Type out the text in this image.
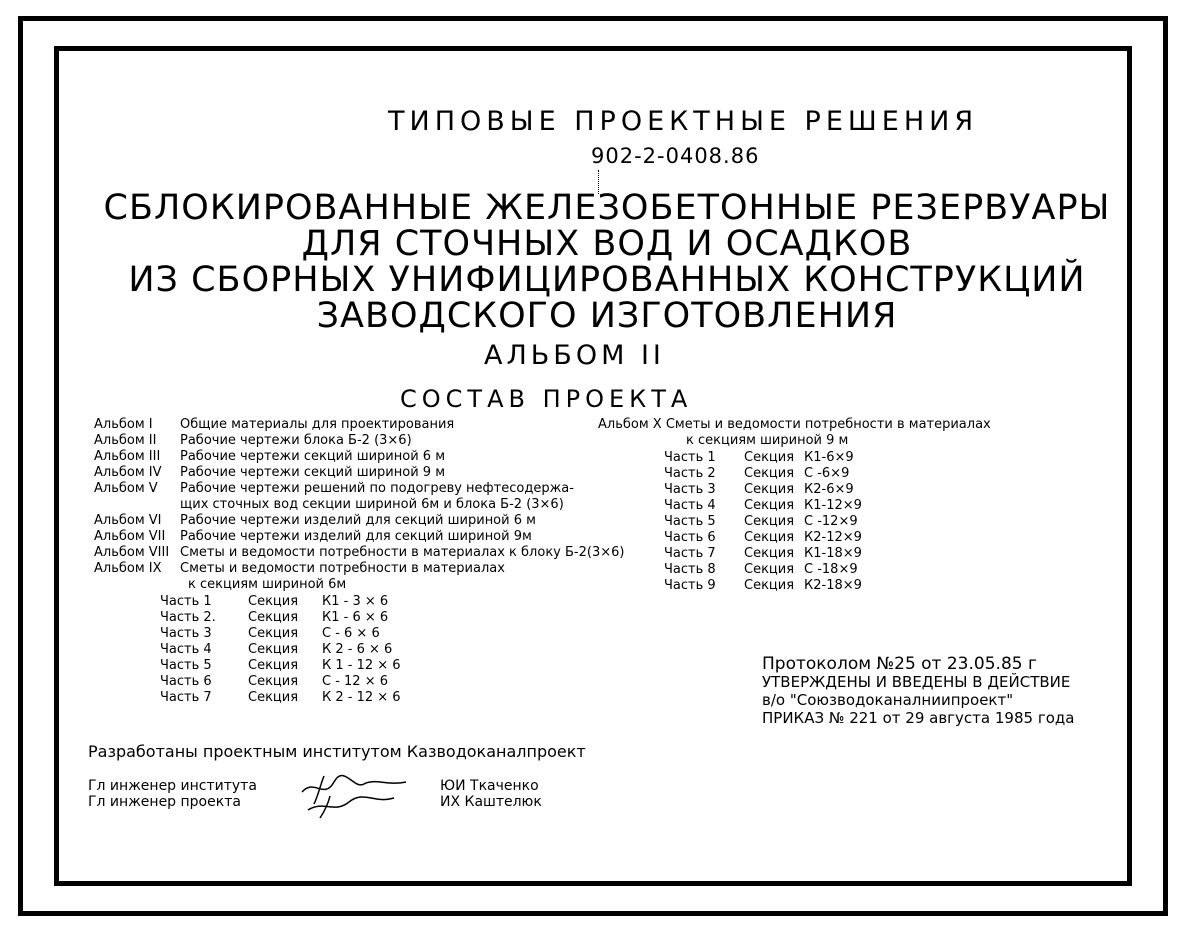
ТИПОВЫЕ ПРОЕКТНЫЕ РЕШЕНИЯ
902-2-0408.86
СБЛОКИРОВАННЫЕ ЖЕЛЕЗОБЕТОННЫЕ РЕЗЕРВУАРЫ
ДЛЯ СТОЧНЫХ ВОД И ОСАДКОВ
ИЗ СБОРНЫХ УНИФИЦИРОВАННЫХ КОНСТРУКЦИЙ
ЗАВОДСКОГО ИЗГОТОВЛЕНИЯ
АЛЬБОМ II
СОСТАВ ПРОЕКТА
Альбом I	Общие материалы для проектирования
Альбом II	Рабочие чертежи блока Б-2 (3×6)
Альбом III	Рабочие чертежи секций шириной 6 м
Альбом IV	Рабочие чертежи секций шириной 9 м
Альбом V	Рабочие чертежи решений по подогреву нефтесодержа-
щих сточных вод секции шириной 6м и блока Б-2 (3×6)
Альбом VI	Рабочие чертежи изделий для секций шириной 6 м
Альбом VII	Рабочие чертежи изделий для секций шириной 9м
Альбом VIII Сметы и ведомости потребности в материалах к блоку Б-2(3×6)
Альбом IX	Сметы и ведомости потребности в материалах
к секциям шириной 6м
Часть 1	Секция	К1 - 3 × 6
Часть 2.	Секция	К1 - 6 × 6
Часть 3	Секция	С - 6 × 6
Часть 4	Секция	К 2 - 6 × 6
Часть 5	Секция	К 1 - 12 × 6
Часть 6	Секция	С - 12 × 6
Часть 7	Секция	К 2 - 12 × 6
Альбом X Сметы и ведомости потребности в материалах
к секциям шириной 9 м
Часть 1	Секция К1-6×9
Часть 2	Секция С -6×9
Часть 3	Секция К2-6×9
Часть 4	Секция К1-12×9
Часть 5	Секция С -12×9
Часть 6	Секция К2-12×9
Часть 7	Секция К1-18×9
Часть 8	Секция С -18×9
Часть 9	Секция К2-18×9
Протоколом №25 от 23.05.85 г
УТВЕРЖДЕНЫ И ВВЕДЕНЫ В ДЕЙСТВИЕ
в/о "Союзводоканалниипроект"
ПРИКАЗ № 221 от 29 августа 1985 года
Разработаны проектным институтом Казводоканалпроект
Гл инженер института
Гл инженер проекта
ЮИ Ткаченко
ИХ Каштелюк
